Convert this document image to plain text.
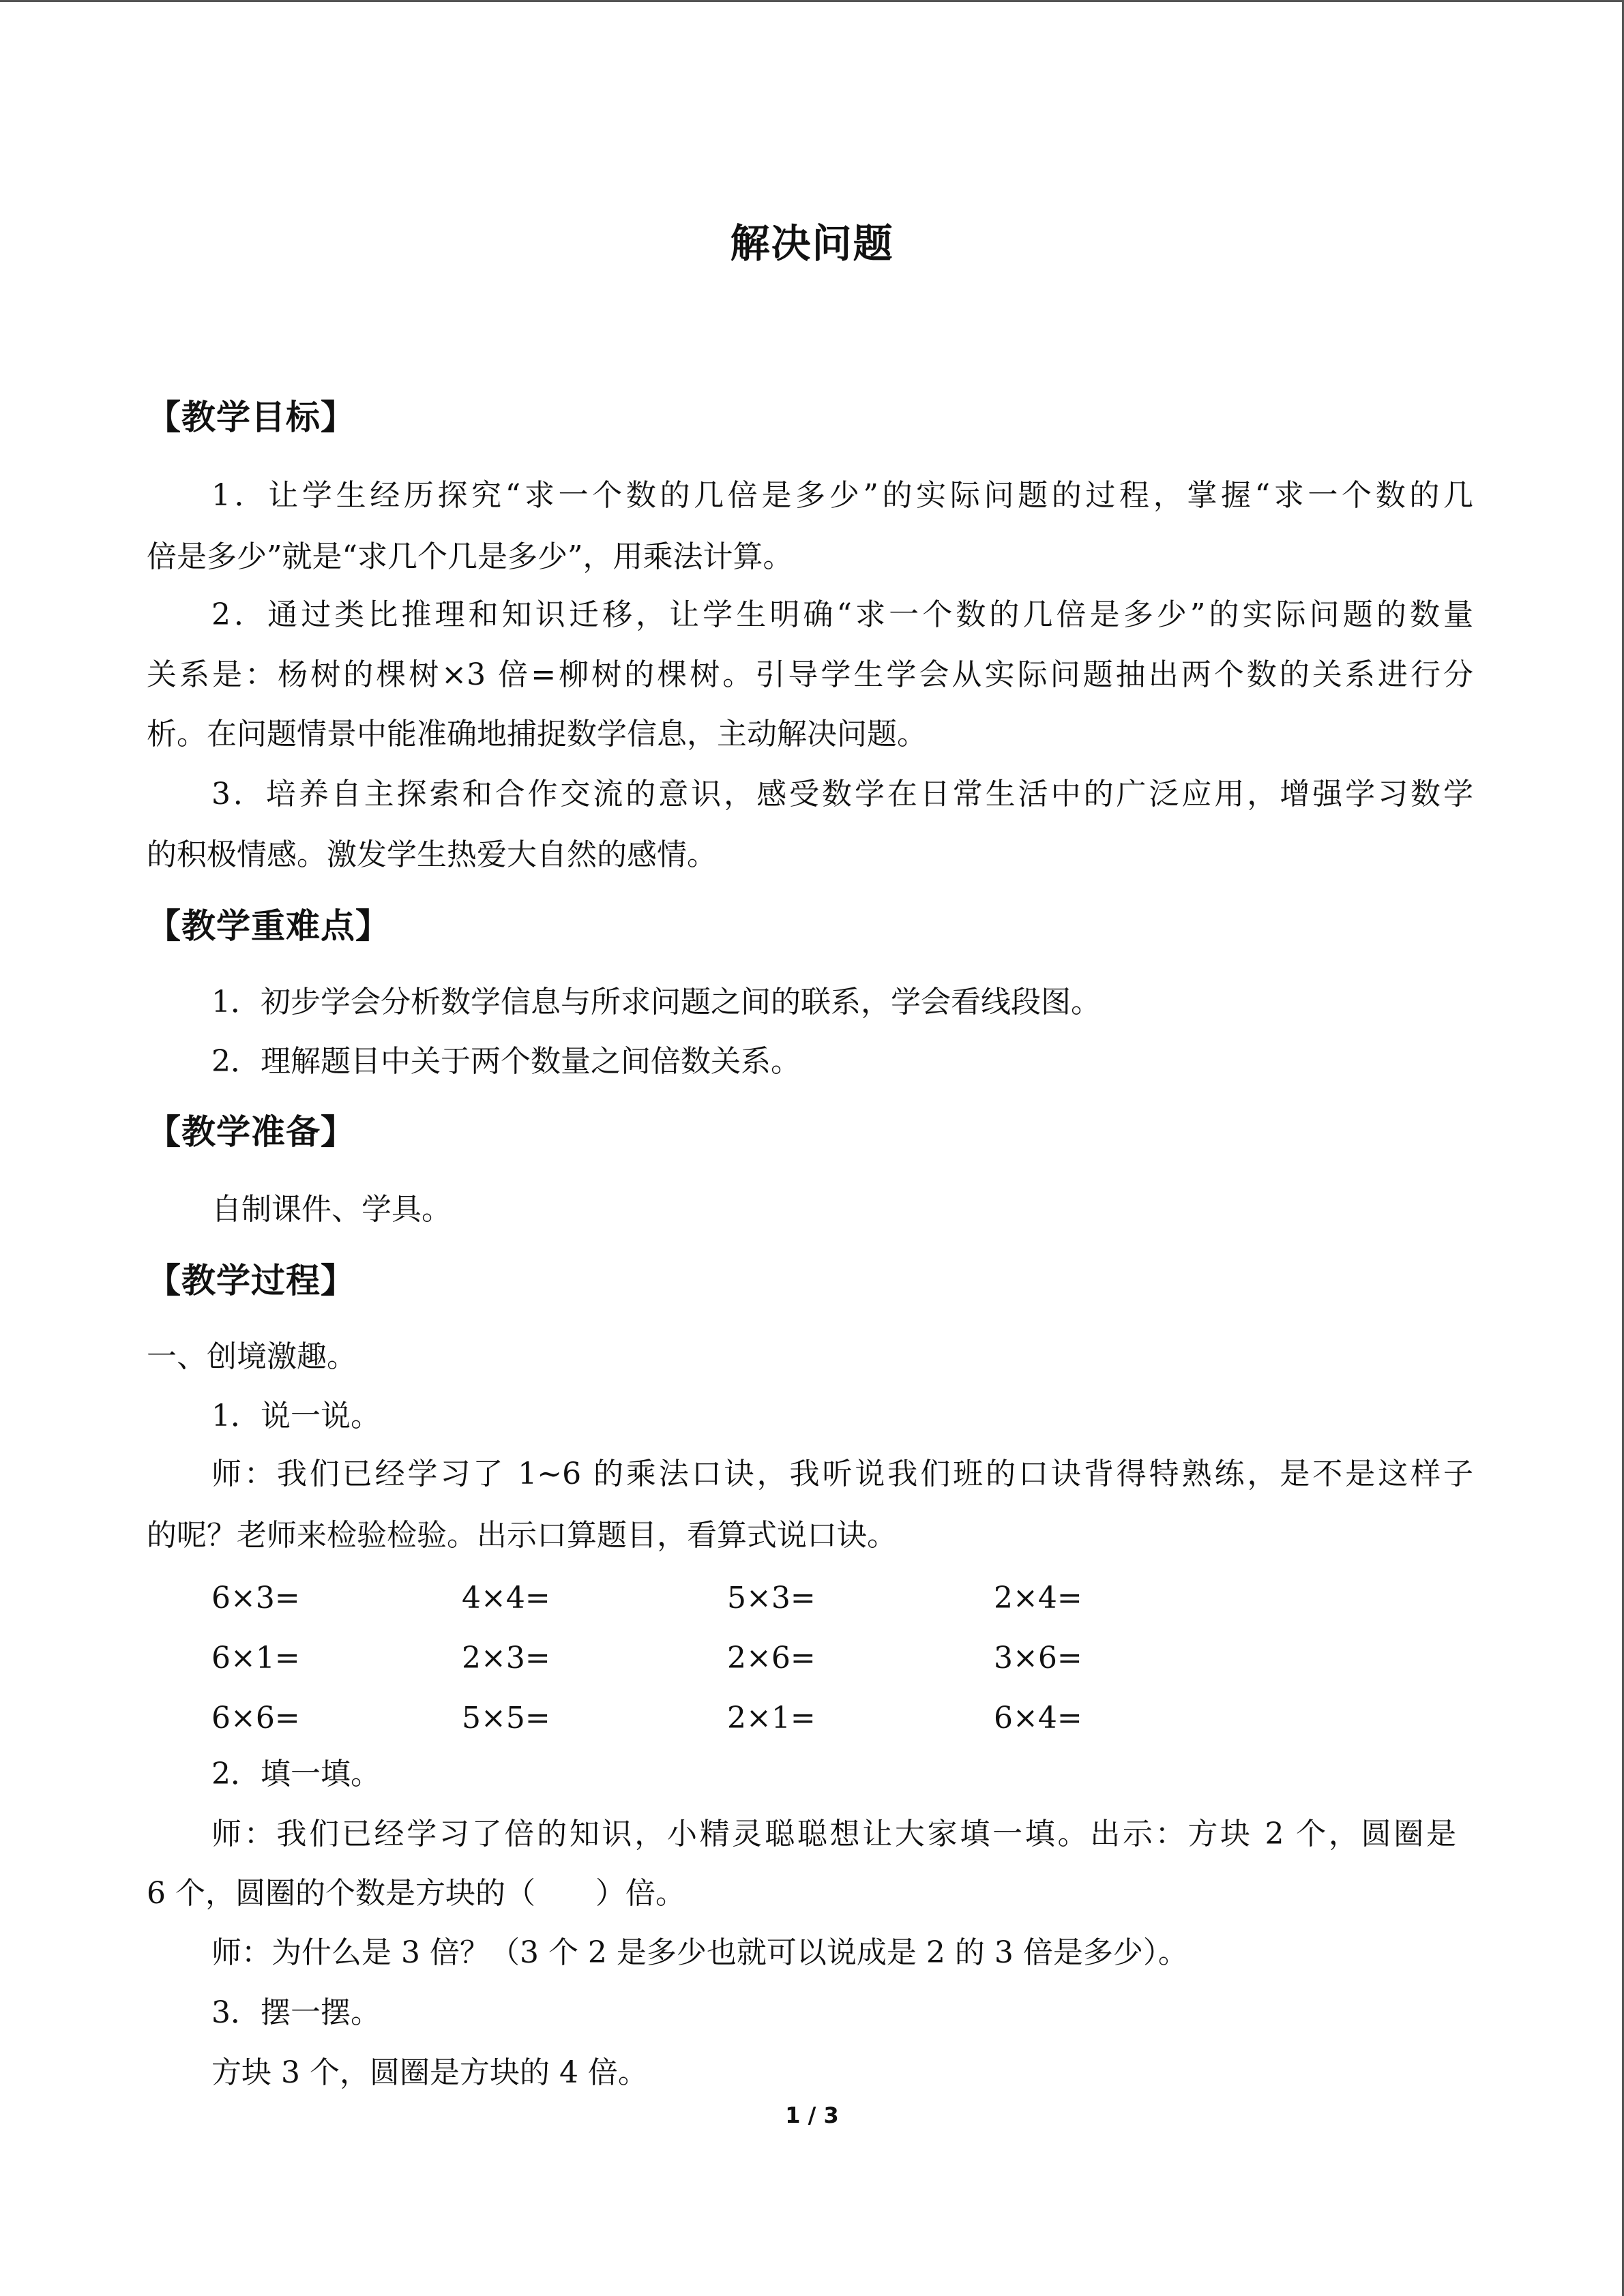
解决问题
【教学目标】
1．让学生经历探究“求一个数的几倍是多少”的实际问题的过程，掌握“求一个数的几
倍是多少”就是“求几个几是多少”，用乘法计算。
2．通过类比推理和知识迁移，让学生明确“求一个数的几倍是多少”的实际问题的数量
关系是：杨树的棵树×3 倍=柳树的棵树。引导学生学会从实际问题抽出两个数的关系进行分
析。在问题情景中能准确地捕捉数学信息，主动解决问题。
3．培养自主探索和合作交流的意识，感受数学在日常生活中的广泛应用，增强学习数学
的积极情感。激发学生热爱大自然的感情。
【教学重难点】
1．初步学会分析数学信息与所求问题之间的联系，学会看线段图。
2．理解题目中关于两个数量之间倍数关系。
【教学准备】
自制课件、学具。
【教学过程】
一、创境激趣。
1．说一说。
师：我们已经学习了 1~6 的乘法口诀，我听说我们班的口诀背得特熟练，是不是这样子
的呢？老师来检验检验。出示口算题目，看算式说口诀。
6×3=	4×4=	5×3=	2×4=
6×1=	2×3=	2×6=	3×6=
6×6=	5×5=	2×1=	6×4=
2．填一填。
师：我们已经学习了倍的知识，小精灵聪聪想让大家填一填。出示：方块 2 个，圆圈是
6 个，圆圈的个数是方块的（　　）倍。
师：为什么是 3 倍？（3 个 2 是多少也就可以说成是 2 的 3 倍是多少）。
3．摆一摆。
方块 3 个，圆圈是方块的 4 倍。
1 / 3
